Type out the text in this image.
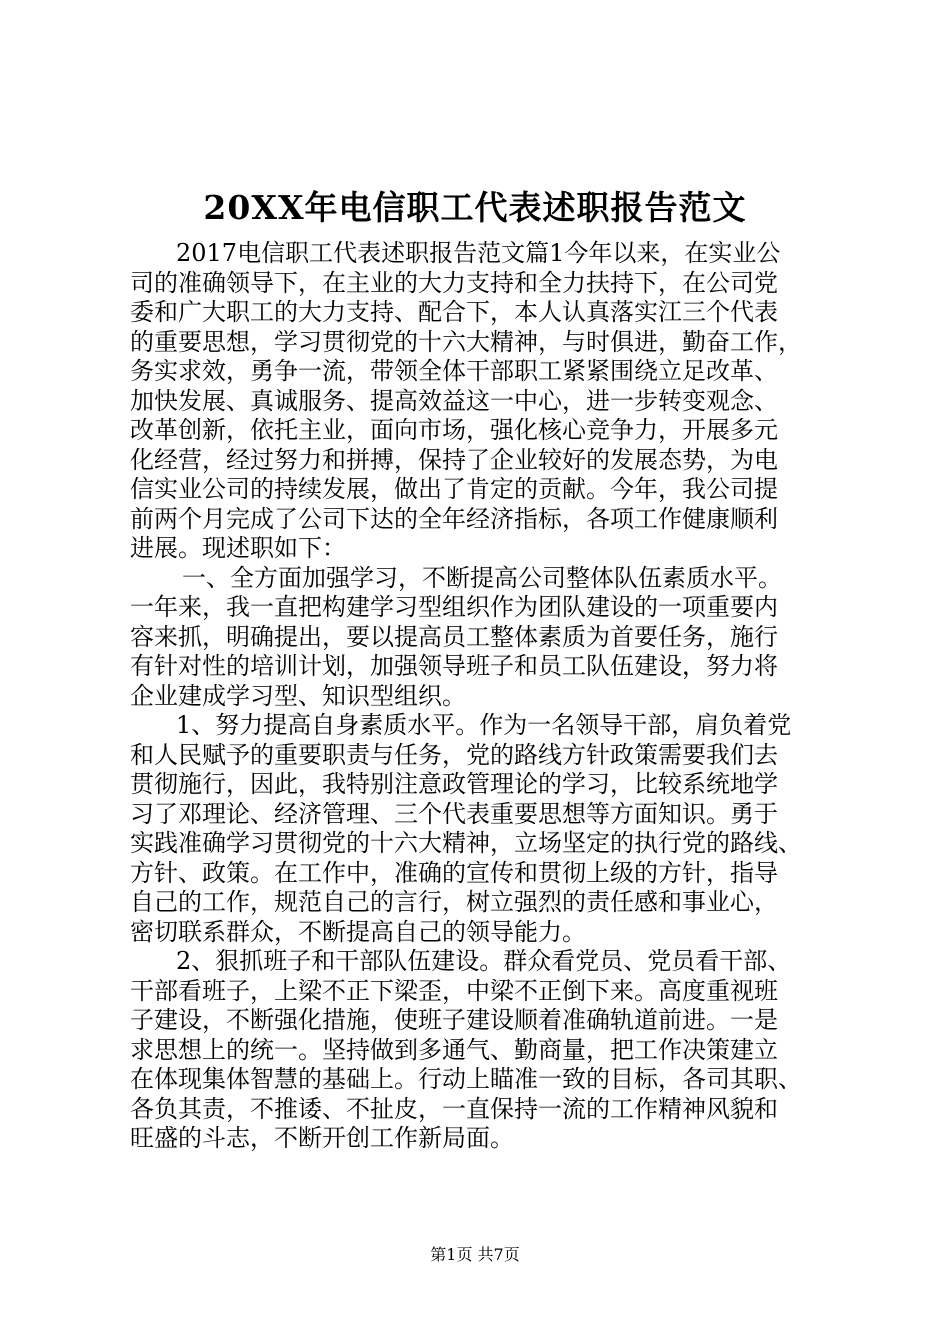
20XX年电信职工代表述职报告范文
2017电信职工代表述职报告范文篇1今年以来，在实业公
司的准确领导下，在主业的大力支持和全力扶持下，在公司党
委和广大职工的大力支持、配合下，本人认真落实江三个代表
的重要思想，学习贯彻党的十六大精神，与时俱进，勤奋工作，
务实求效，勇争一流，带领全体干部职工紧紧围绕立足改革、
加快发展、真诚服务、提高效益这一中心，进一步转变观念、
改革创新，依托主业，面向市场，强化核心竞争力，开展多元
化经营，经过努力和拼搏，保持了企业较好的发展态势，为电
信实业公司的持续发展，做出了肯定的贡献。今年，我公司提
前两个月完成了公司下达的全年经济指标，各项工作健康顺利
进展。现述职如下：
一、全方面加强学习，不断提高公司整体队伍素质水平。
一年来，我一直把构建学习型组织作为团队建设的一项重要内
容来抓，明确提出，要以提高员工整体素质为首要任务，施行
有针对性的培训计划，加强领导班子和员工队伍建设，努力将
企业建成学习型、知识型组织。
1、努力提高自身素质水平。作为一名领导干部，肩负着党
和人民赋予的重要职责与任务，党的路线方针政策需要我们去
贯彻施行，因此，我特别注意政管理论的学习，比较系统地学
习了邓理论、经济管理、三个代表重要思想等方面知识。勇于
实践准确学习贯彻党的十六大精神，立场坚定的执行党的路线、
方针、政策。在工作中，准确的宣传和贯彻上级的方针，指导
自己的工作，规范自己的言行，树立强烈的责任感和事业心，
密切联系群众，不断提高自己的领导能力。
2、狠抓班子和干部队伍建设。群众看党员、党员看干部、
干部看班子，上梁不正下梁歪，中梁不正倒下来。高度重视班
子建设，不断强化措施，使班子建设顺着准确轨道前进。一是
求思想上的统一。坚持做到多通气、勤商量，把工作决策建立
在体现集体智慧的基础上。行动上瞄准一致的目标，各司其职、
各负其责，不推诿、不扯皮，一直保持一流的工作精神风貌和
旺盛的斗志，不断开创工作新局面。
第1页 共7页
